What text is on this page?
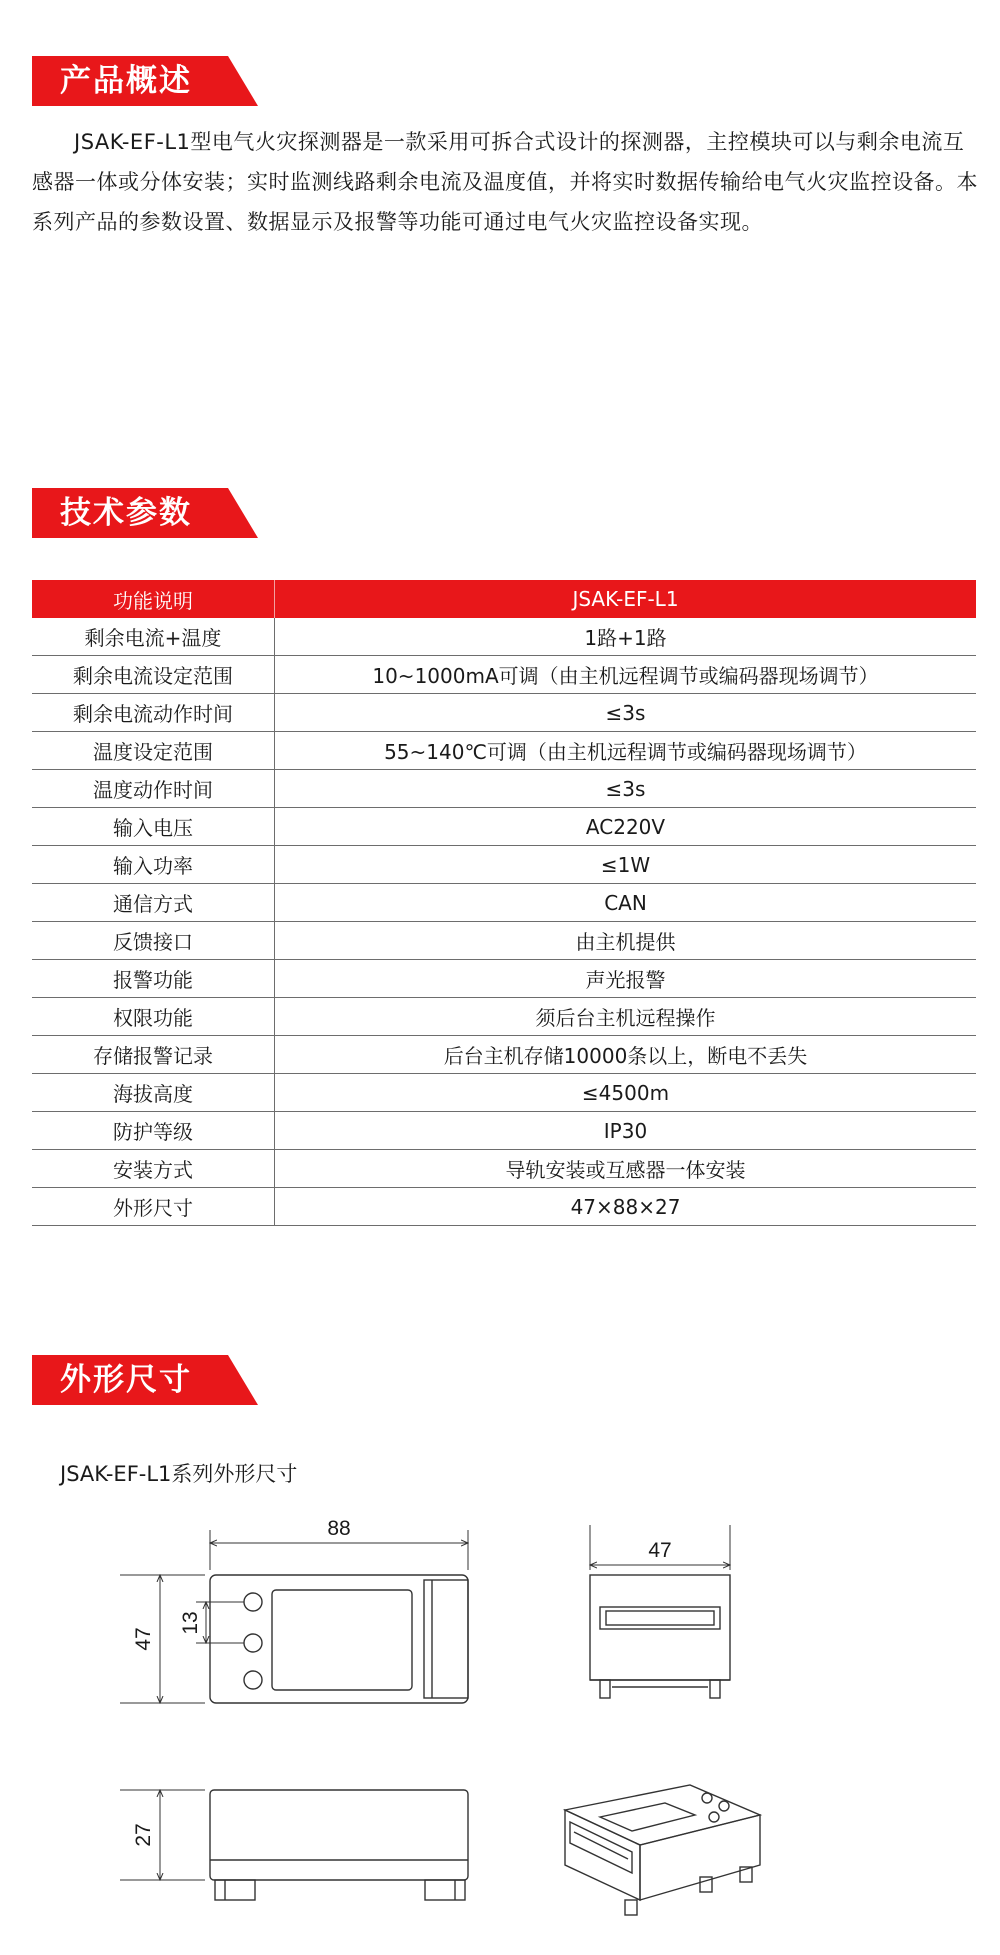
产品概述

JSAK-EF-L1型电气火灾探测器是一款采用可拆合式设计的探测器，主控模块可以与剩余电流互感器一体或分体安装；实时监测线路剩余电流及温度值，并将实时数据传输给电气火灾监控设备。本系列产品的参数设置、数据显示及报警等功能可通过电气火灾监控设备实现。

技术参数
功能说明	JSAK-EF-L1
剩余电流+温度	1路+1路
剩余电流设定范围	10~1000mA可调（由主机远程调节或编码器现场调节）
剩余电流动作时间	≤3s
温度设定范围	55~140℃可调（由主机远程调节或编码器现场调节）
温度动作时间	≤3s
输入电压	AC220V
输入功率	≤1W
通信方式	CAN
反馈接口	由主机提供
报警功能	声光报警
权限功能	须后台主机远程操作
存储报警记录	后台主机存储10000条以上，断电不丢失
海拔高度	≤4500m
防护等级	IP30
安装方式	导轨安装或互感器一体安装
外形尺寸	47×88×27
外形尺寸
JSAK-EF-L1系列外形尺寸
88
47
47
13
27
